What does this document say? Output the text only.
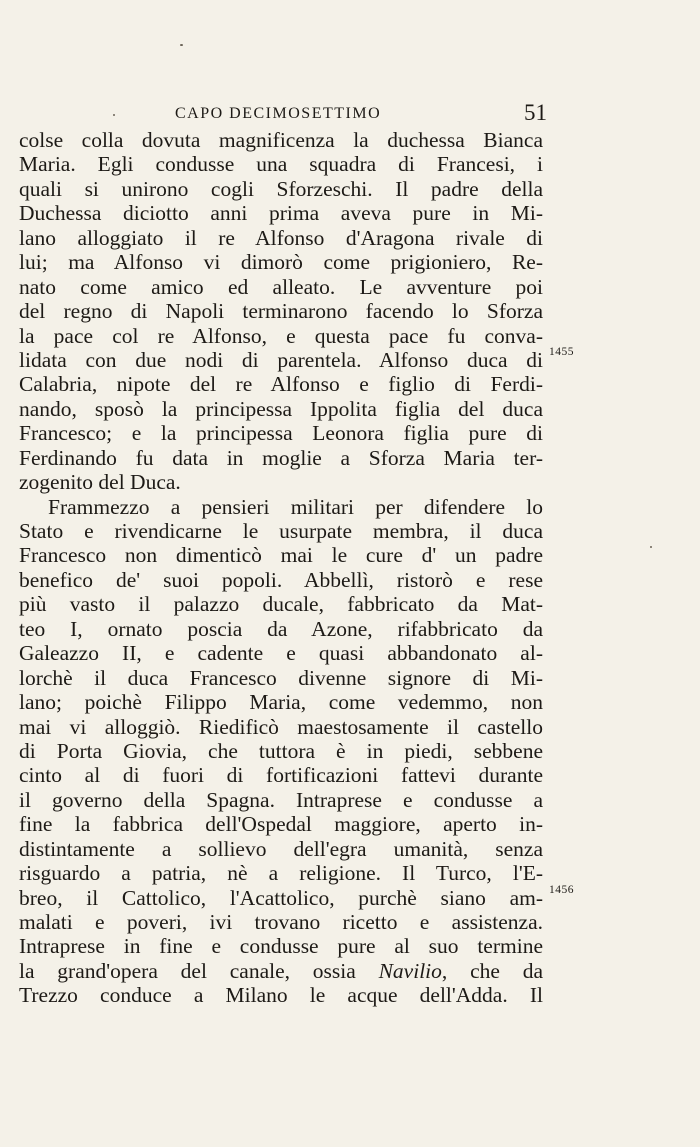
CAPO DECIMOSETTIMO	51
1455
1456
colse colla dovuta magnificenza la duchessa Bianca
Maria. Egli condusse una squadra di Francesi, i
quali si unirono cogli Sforzeschi. Il padre della
Duchessa diciotto anni prima aveva pure in Mi-
lano alloggiato il re Alfonso d'Aragona rivale di
lui; ma Alfonso vi dimorò come prigioniero, Re-
nato come amico ed alleato. Le avventure poi
del regno di Napoli terminarono facendo lo Sforza
la pace col re Alfonso, e questa pace fu conva-
lidata con due nodi di parentela. Alfonso duca di
Calabria, nipote del re Alfonso e figlio di Ferdi-
nando, sposò la principessa Ippolita figlia del duca
Francesco; e la principessa Leonora figlia pure di
Ferdinando fu data in moglie a Sforza Maria ter-
zogenito del Duca.
Frammezzo a pensieri militari per difendere lo
Stato e rivendicarne le usurpate membra, il duca
Francesco non dimenticò mai le cure d' un padre
benefico de' suoi popoli. Abbellì, ristorò e rese
più vasto il palazzo ducale, fabbricato da Mat-
teo I, ornato poscia da Azone, rifabbricato da
Galeazzo II, e cadente e quasi abbandonato al-
lorchè il duca Francesco divenne signore di Mi-
lano; poichè Filippo Maria, come vedemmo, non
mai vi alloggiò. Riedificò maestosamente il castello
di Porta Giovia, che tuttora è in piedi, sebbene
cinto al di fuori di fortificazioni fattevi durante
il governo della Spagna. Intraprese e condusse a
fine la fabbrica dell'Ospedal maggiore, aperto in-
distintamente a sollievo dell'egra umanità, senza
risguardo a patria, nè a religione. Il Turco, l'E-
breo, il Cattolico, l'Acattolico, purchè siano am-
malati e poveri, ivi trovano ricetto e assistenza.
Intraprese in fine e condusse pure al suo termine
la grand'opera del canale, ossia Navilio, che da
Trezzo conduce a Milano le acque dell'Adda. Il
